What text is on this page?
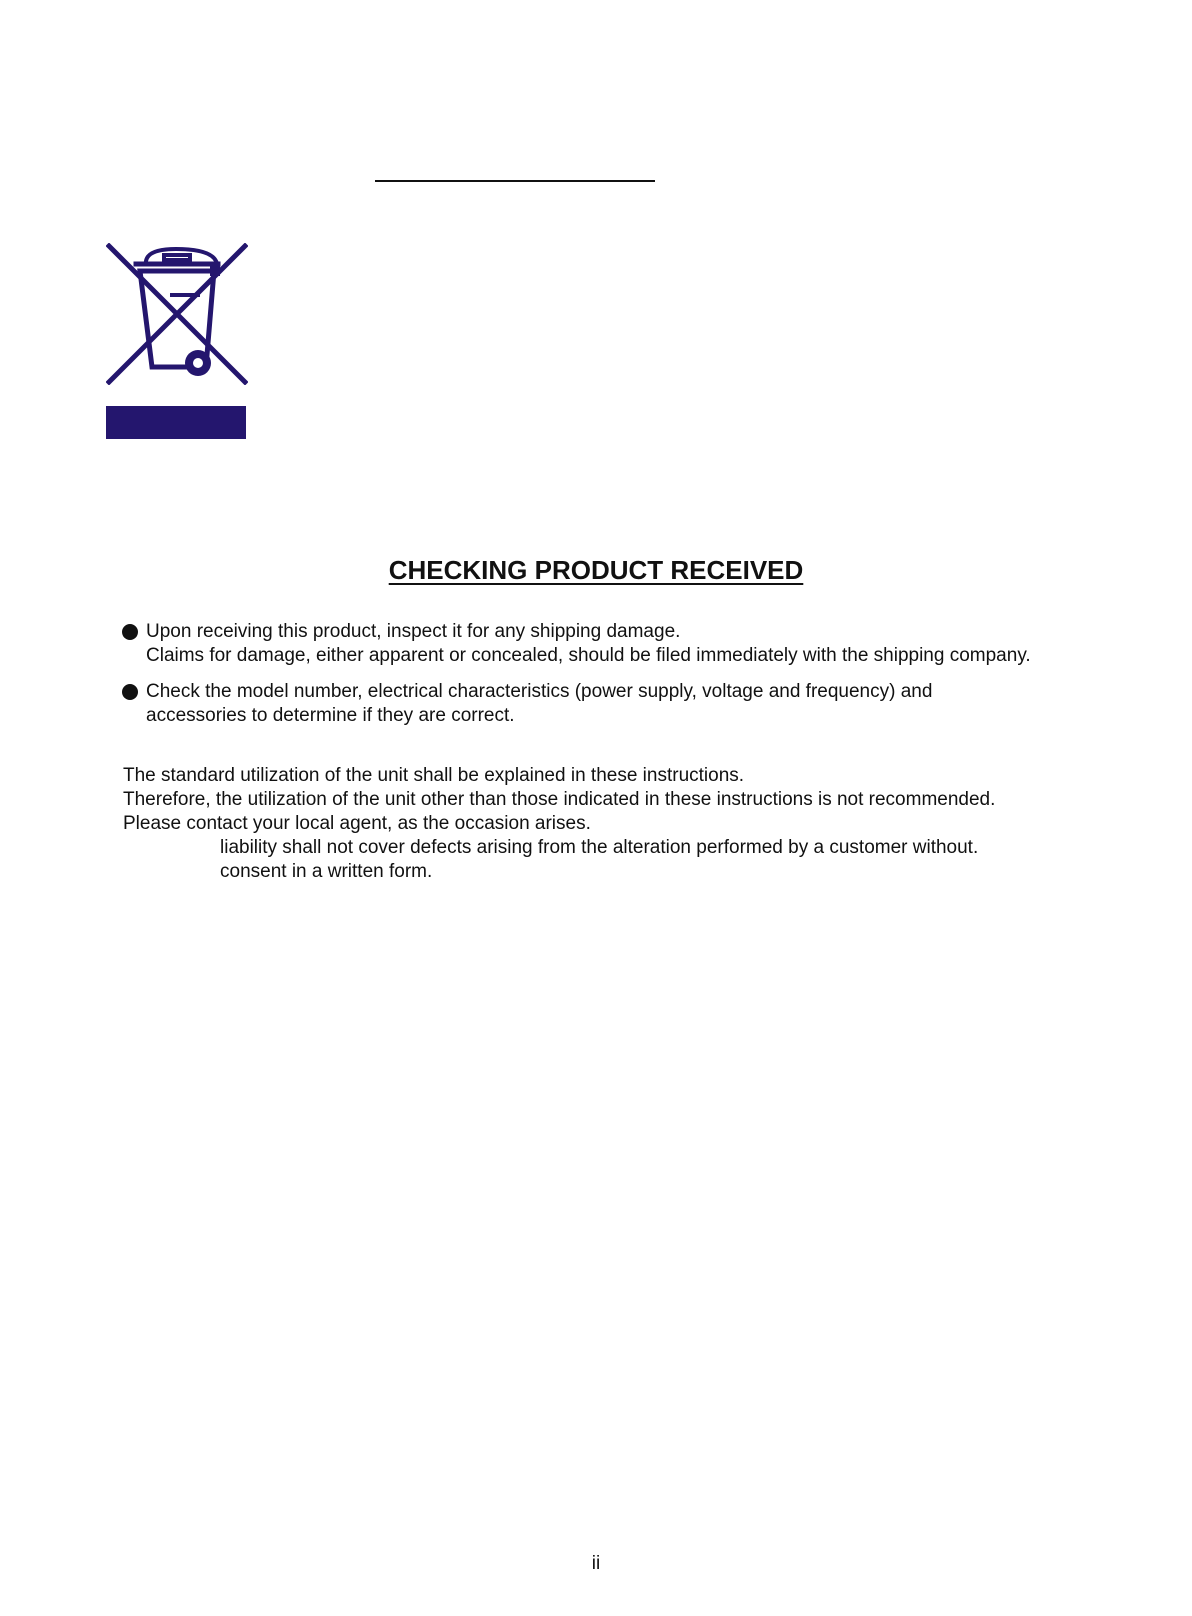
CHECKING PRODUCT RECEIVED
Upon receiving this product, inspect it for any shipping damage.
Claims for damage, either apparent or concealed, should be filed immediately with the shipping company.
Check the model number, electrical characteristics (power supply, voltage and frequency) and
accessories to determine if they are correct.

The standard utilization of the unit shall be explained in these instructions.
Therefore, the utilization of the unit other than those indicated in these instructions is not recommended.
Please contact your local agent, as the occasion arises.
liability shall not cover defects arising from the alteration performed by a customer without.
consent in a written form.

ii
